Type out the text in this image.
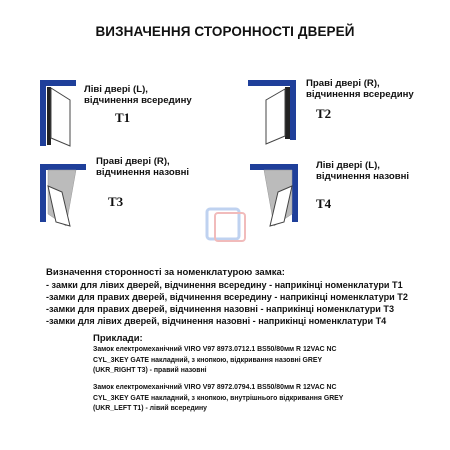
ВИЗНАЧЕННЯ СТОРОННОСТІ ДВЕРЕЙ
Ліві двері (L),
відчинення всередину
T1
Праві двері (R),
відчинення всередину
T2
Праві двері (R),
відчинення назовні
T3
Ліві двері (L),
відчинення назовні
T4
Визначення сторонності за номенклатурою замка:
- замки для лівих дверей, відчинення всередину - наприкінці номенклатури T1
-замки для правих дверей, відчинення всередину - наприкінці номенклатури T2
-замки для правих дверей, відчинення назовні - наприкінці номенклатури T3
-замки для лівих дверей, відчинення назовні - наприкінці номенклатури T4
Приклади:
Замок електромеханічний VIRO V97 8973.0712.1 BS50/80мм R 12VAC NC
CYL_3KEY GATE накладний, з кнопкою, відкривання назовні GREY
(UKR_RIGHT T3) - правий назовні
Замок електромеханічний VIRO V97 8972.0794.1 BS50/80мм R 12VAC NC
CYL_3KEY GATE накладний, з кнопкою, внутрішнього відкривання GREY
(UKR_LEFT T1) - лівий всередину
